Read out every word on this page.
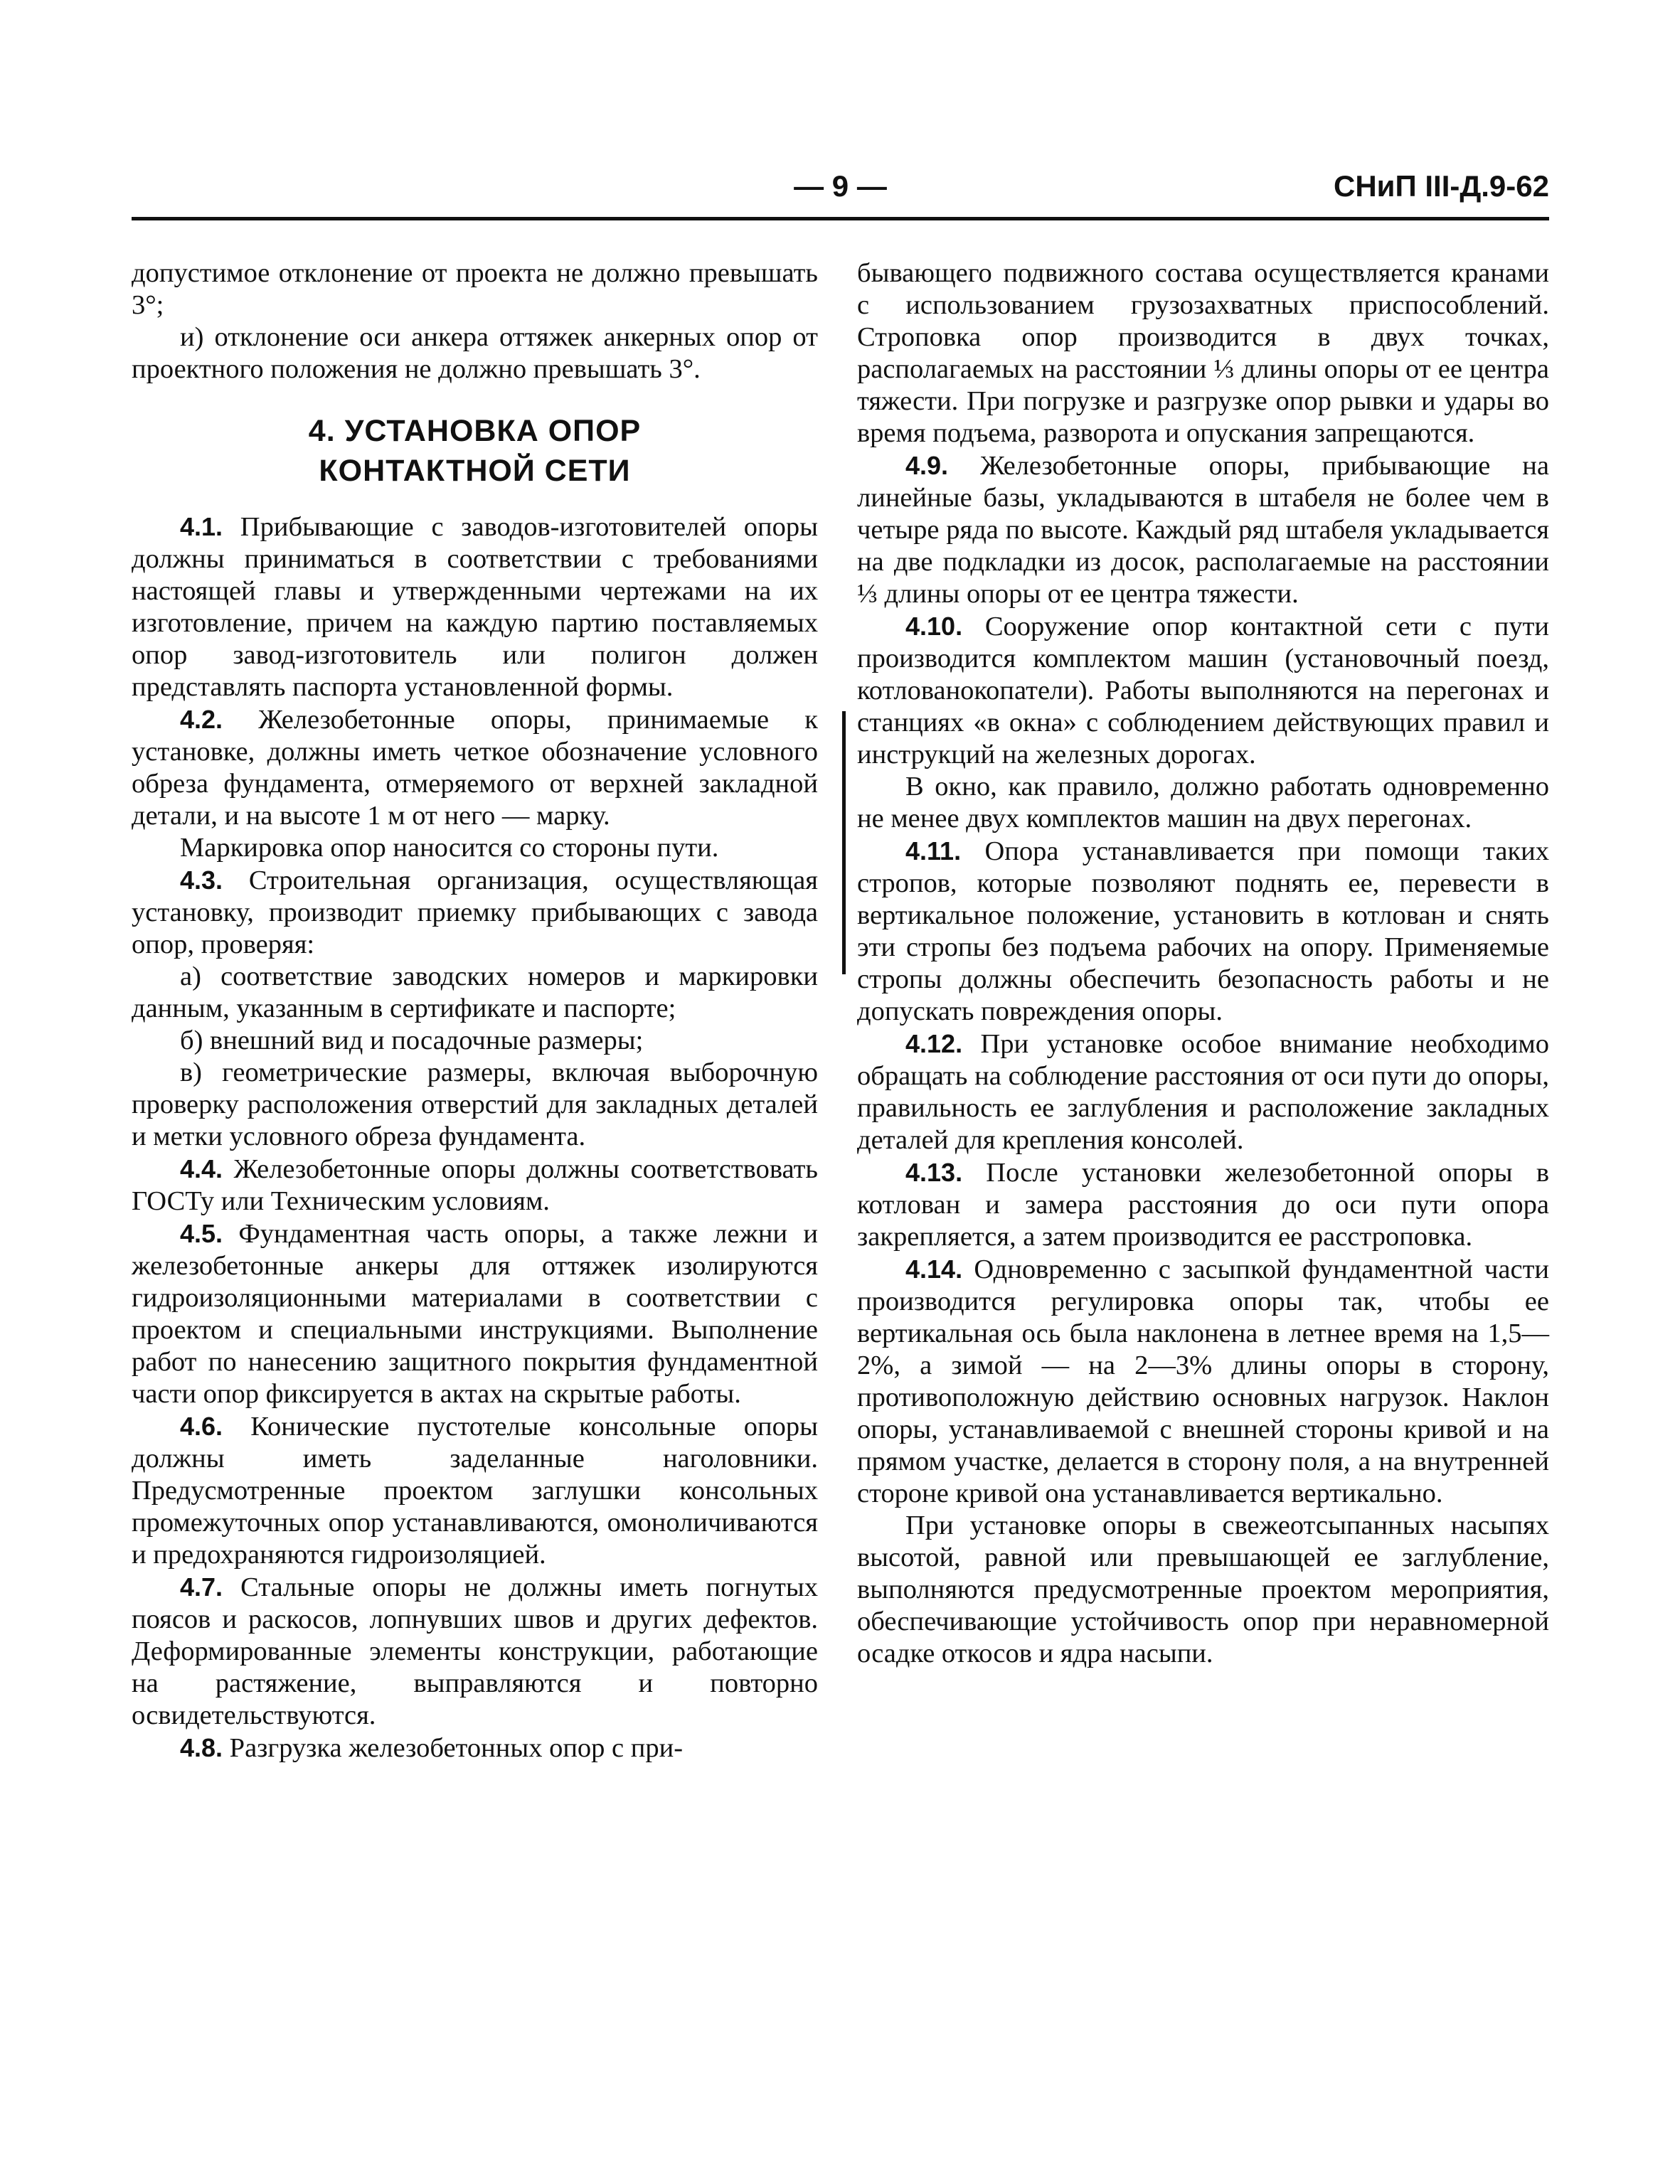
— 9 —	СНиП III-Д.9-62

допустимое отклонение от проекта не должно превышать 3°;

и) отклонение оси анкера оттяжек анкерных опор от проектного положения не должно превышать 3°.

4. УСТАНОВКА ОПОР
КОНТАКТНОЙ СЕТИ

4.1. Прибывающие с заводов-изготовителей опоры должны приниматься в соответствии с требованиями настоящей главы и утвержденными чертежами на их изготовление, причем на каждую партию поставляемых опор завод-изготовитель или полигон должен представлять паспорта установленной формы.

4.2. Железобетонные опоры, принимаемые к установке, должны иметь четкое обозначение условного обреза фундамента, отмеряемого от верхней закладной детали, и на высоте 1 м от него — марку.

Маркировка опор наносится со стороны пути.

4.3. Строительная организация, осуществляющая установку, производит приемку прибывающих с завода опор, проверяя:

а) соответствие заводских номеров и маркировки данным, указанным в сертификате и паспорте;

б) внешний вид и посадочные размеры;

в) геометрические размеры, включая выборочную проверку расположения отверстий для закладных деталей и метки условного обреза фундамента.

4.4. Железобетонные опоры должны соответствовать ГОСТу или Техническим условиям.

4.5. Фундаментная часть опоры, а также лежни и железобетонные анкеры для оттяжек изолируются гидроизоляционными материалами в соответствии с проектом и специальными инструкциями. Выполнение работ по нанесению защитного покрытия фундаментной части опор фиксируется в актах на скрытые работы.

4.6. Конические пустотелые консольные опоры должны иметь заделанные наголовники. Предусмотренные проектом заглушки консольных промежуточных опор устанавливаются, омоноличиваются и предохраняются гидроизоляцией.

4.7. Стальные опоры не должны иметь погнутых поясов и раскосов, лопнувших швов и других дефектов. Деформированные элементы конструкции, работающие на растяжение, выправляются и повторно освидетельствуются.

4.8. Разгрузка железобетонных опор с при-

бывающего подвижного состава осуществляется кранами с использованием грузозахватных приспособлений. Строповка опор производится в двух точках, располагаемых на расстоянии ⅓ длины опоры от ее центра тяжести. При погрузке и разгрузке опор рывки и удары во время подъема, разворота и опускания запрещаются.

4.9. Железобетонные опоры, прибывающие на линейные базы, укладываются в штабеля не более чем в четыре ряда по высоте. Каждый ряд штабеля укладывается на две подкладки из досок, располагаемые на расстоянии ⅓ длины опоры от ее центра тяжести.

4.10. Сооружение опор контактной сети с пути производится комплектом машин (установочный поезд, котлованокопатели). Работы выполняются на перегонах и станциях «в окна» с соблюдением действующих правил и инструкций на железных дорогах.

В окно, как правило, должно работать одновременно не менее двух комплектов машин на двух перегонах.

4.11. Опора устанавливается при помощи таких стропов, которые позволяют поднять ее, перевести в вертикальное положение, установить в котлован и снять эти стропы без подъема рабочих на опору. Применяемые стропы должны обеспечить безопасность работы и не допускать повреждения опоры.

4.12. При установке особое внимание необходимо обращать на соблюдение расстояния от оси пути до опоры, правильность ее заглубления и расположение закладных деталей для крепления консолей.

4.13. После установки железобетонной опоры в котлован и замера расстояния до оси пути опора закрепляется, а затем производится ее расстроповка.

4.14. Одновременно с засыпкой фундаментной части производится регулировка опоры так, чтобы ее вертикальная ось была наклонена в летнее время на 1,5—2%, а зимой — на 2—3% длины опоры в сторону, противоположную действию основных нагрузок. Наклон опоры, устанавливаемой с внешней стороны кривой и на прямом участке, делается в сторону поля, а на внутренней стороне кривой она устанавливается вертикально.

При установке опоры в свежеотсыпанных насыпях высотой, равной или превышающей ее заглубление, выполняются предусмотренные проектом мероприятия, обеспечивающие устойчивость опор при неравномерной осадке откосов и ядра насыпи.
